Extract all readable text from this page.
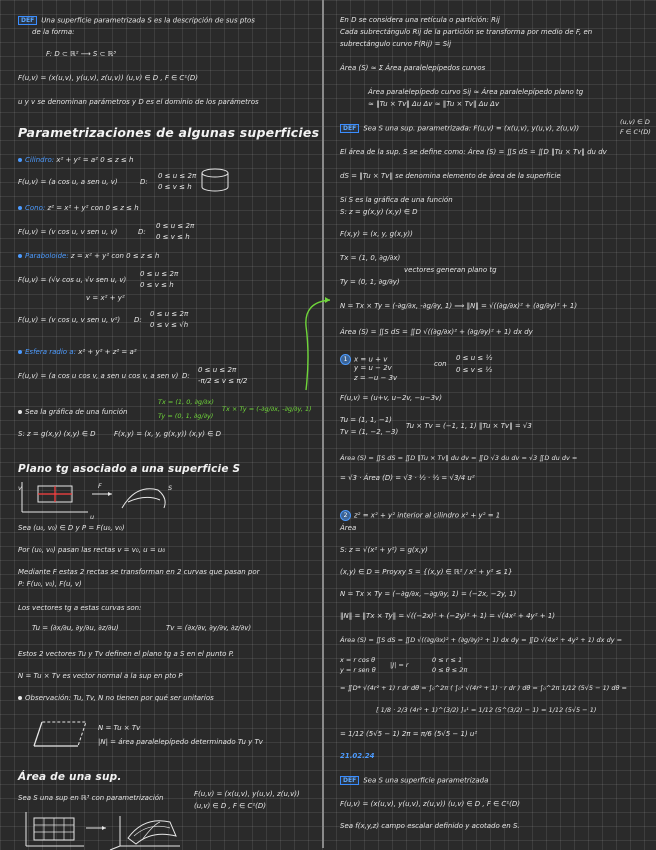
DEF Una superficie parametrizada S es la descripción de sus ptos
de la forma:
F: D ⊂ ℝ² ⟶ S ⊂ ℝ³
F(u,v) = (x(u,v), y(u,v), z(u,v)) (u,v) ∈ D , F ∈ C¹(D)
u y v se denominan parámetros y D es el dominio de los parámetros
Parametrizaciones de algunas superficies
Cilindro: x² + y² = a² 0 ≤ z ≤ h
F(u,v) = (a cos u, a sen u, v)	D:
0 ≤ u ≤ 2π
0 ≤ v ≤ h
Cono: z² = x² + y² con 0 ≤ z ≤ h
F(u,v) = (v cos u, v sen u, v)	D:
0 ≤ u ≤ 2π
0 ≤ v ≤ h
Paraboloide: z = x² + y² con 0 ≤ z ≤ h
F(u,v) = (√v cos u, √v sen u, v)
0 ≤ u ≤ 2π
0 ≤ v ≤ h
v = x² + y²
F(u,v) = (v cos u, v sen u, v²) D:
0 ≤ u ≤ 2π
0 ≤ v ≤ √h
Esfera radio a: x² + y² + z² = a²
F(u,v) = (a cos u cos v, a sen u cos v, a sen v) D:
0 ≤ u ≤ 2π
-π/2 ≤ v ≤ π/2
Sea la gráfica de una función
Tx = (1, 0, ∂g/∂x)
Ty = (0, 1, ∂g/∂y)
Tx × Ty = (-∂g/∂x, -∂g/∂y, 1)
S: z = g(x,y) (x,y) ∈ D	F(x,y) = (x, y, g(x,y)) (x,y) ∈ D
Plano tg asociado a una superficie S
v
u
F	S
Sea (u₀, v₀) ∈ D y P = F(u₀, v₀)
Por (u₀, v₀) pasan las rectas v = v₀, u = u₀
Mediante F estas 2 rectas se transforman en 2 curvas que pasan por
P: F(u₀, v₀), F(u, v)
Los vectores tg a estas curvas son:
Tu = (∂x/∂u, ∂y/∂u, ∂z/∂u)	Tv = (∂x/∂v, ∂y/∂v, ∂z/∂v)
Estos 2 vectores Tu y Tv definen el plano tg a S en el punto P.
N = Tu × Tv es vector normal a la sup en pto P
Observación: Tu, Tv, N no tienen por qué ser unitarios
N = Tu × Tv
|N| = área paralelepípedo determinado Tu y Tv
Área de una sup.
Sea S una sup en ℝ³ con parametrización	F(u,v) = (x(u,v), y(u,v), z(u,v))
(u,v) ∈ D , F ∈ C¹(D)
En D se considera una retícula o partición: Rij
Cada subrectángulo Rij de la partición se transforma por medio de F, en
subrectángulo curvo F(Rij) = Sij
Área (S) ≈ Σ Área paralelepípedos curvos
Área paralelepípedo curvo Sij ≈ Área paralelepípedo plano tg
≈ ‖Tu × Tv‖ Δu Δv ≈ ‖Tu × Tv‖ Δu Δv
DEF Sea S una sup. parametrizada: F(u,v) = (x(u,v), y(u,v), z(u,v))
(u,v) ∈ D
F ∈ C¹(D)
El área de la sup. S se define como: Área (S) = ∬S dS = ∬D ‖Tu × Tv‖ du dv
dS = ‖Tu × Tv‖ se denomina elemento de área de la superficie
Si S es la gráfica de una función
S: z = g(x,y) (x,y) ∈ D
F(x,y) = (x, y, g(x,y))
Tx = (1, 0, ∂g/∂x)
Ty = (0, 1, ∂g/∂y)
vectores generan plano tg
N = Tx × Ty = (-∂g/∂x, -∂g/∂y, 1) ⟹ ‖N‖ = √((∂g/∂x)² + (∂g/∂y)² + 1)
Área (S) = ∬S dS = ∬D √((∂g/∂x)² + (∂g/∂y)² + 1) dx dy
1 x = u + v
y = u − 2v
z = −u − 3v
con
0 ≤ u ≤ ½
0 ≤ v ≤ ½
F(u,v) = (u+v, u−2v, −u−3v)
Tu = (1, 1, −1)
Tv = (1, −2, −3)
Tu × Tv = (−1, 1, 1) ‖Tu × Tv‖ = √3
Área (S) = ∬S dS = ∬D ‖Tu × Tv‖ du dv = ∬D √3 du dv = √3 ∬D du dv =
= √3 · Área (D) = √3 · ½ · ½ = √3/4 u²
2 z² = x² + y² interior al cilindro x² + y² = 1
Área
S: z = √(x² + y²) = g(x,y)
(x,y) ∈ D = Proyxy S = {(x,y) ∈ ℝ² / x² + y² ≤ 1}
N = Tx × Ty = (−∂g/∂x, −∂g/∂y, 1) = (−2x, −2y, 1)
‖N‖ = ‖Tx × Ty‖ = √((−2x)² + (−2y)² + 1) = √(4x² + 4y² + 1)
Área (S) = ∬S dS = ∬D √((∂g/∂x)² + (∂g/∂y)² + 1) dx dy = ∬D √(4x² + 4y² + 1) dx dy =
x = r cos θ
y = r sen θ
|J| = r
0 ≤ r ≤ 1
0 ≤ θ ≤ 2π
= ∬D* √(4r² + 1) r dr dθ = ∫₀^2π ( ∫₀¹ √(4r² + 1) · r dr ) dθ = ∫₀^2π 1/12 (5√5 − 1) dθ =
[ 1/8 · 2/3 (4r² + 1)^(3/2) ]₀¹ = 1/12 (5^(3/2) − 1) = 1/12 (5√5 − 1)
= 1/12 (5√5 − 1) 2π = π/6 (5√5 − 1) u²
21.02.24
DEF Sea S una superficie parametrizada
F(u,v) = (x(u,v), y(u,v), z(u,v)) (u,v) ∈ D , F ∈ C¹(D)
Sea f(x,y,z) campo escalar definido y acotado en S.
